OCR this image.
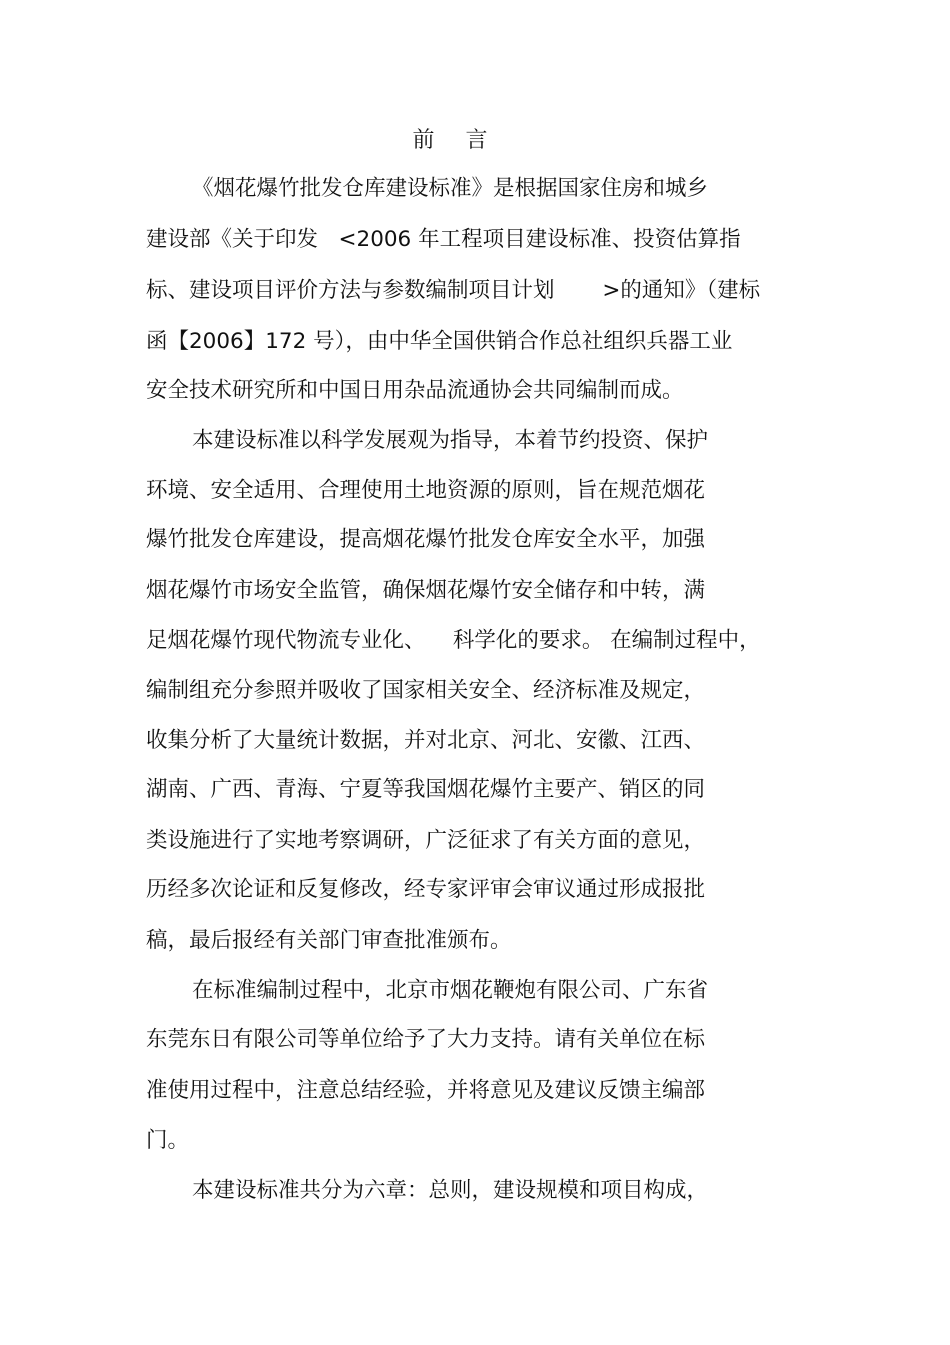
前 言
《烟花爆竹批发仓库建设标准》是根据国家住房和城乡
建设部《关于印发   <2006 年工程项目建设标准、投资估算指
标、建设项目评价方法与参数编制项目计划       >的通知》（建标
函【2006】172 号），由中华全国供销合作总社组织兵器工业
安全技术研究所和中国日用杂品流通协会共同编制而成。
本建设标准以科学发展观为指导，本着节约投资、保护
环境、安全适用、合理使用土地资源的原则，旨在规范烟花
爆竹批发仓库建设，提高烟花爆竹批发仓库安全水平，加强
烟花爆竹市场安全监管，确保烟花爆竹安全储存和中转，满
足烟花爆竹现代物流专业化、    科学化的要求。 在编制过程中，
编制组充分参照并吸收了国家相关安全、经济标准及规定，
收集分析了大量统计数据，并对北京、河北、安徽、江西、
湖南、广西、青海、宁夏等我国烟花爆竹主要产、销区的同
类设施进行了实地考察调研，广泛征求了有关方面的意见，
历经多次论证和反复修改，经专家评审会审议通过形成报批
稿，最后报经有关部门审查批准颁布。
在标准编制过程中，北京市烟花鞭炮有限公司、广东省
东莞东日有限公司等单位给予了大力支持。请有关单位在标
准使用过程中，注意总结经验，并将意见及建议反馈主编部
门。
本建设标准共分为六章：总则，建设规模和项目构成，
